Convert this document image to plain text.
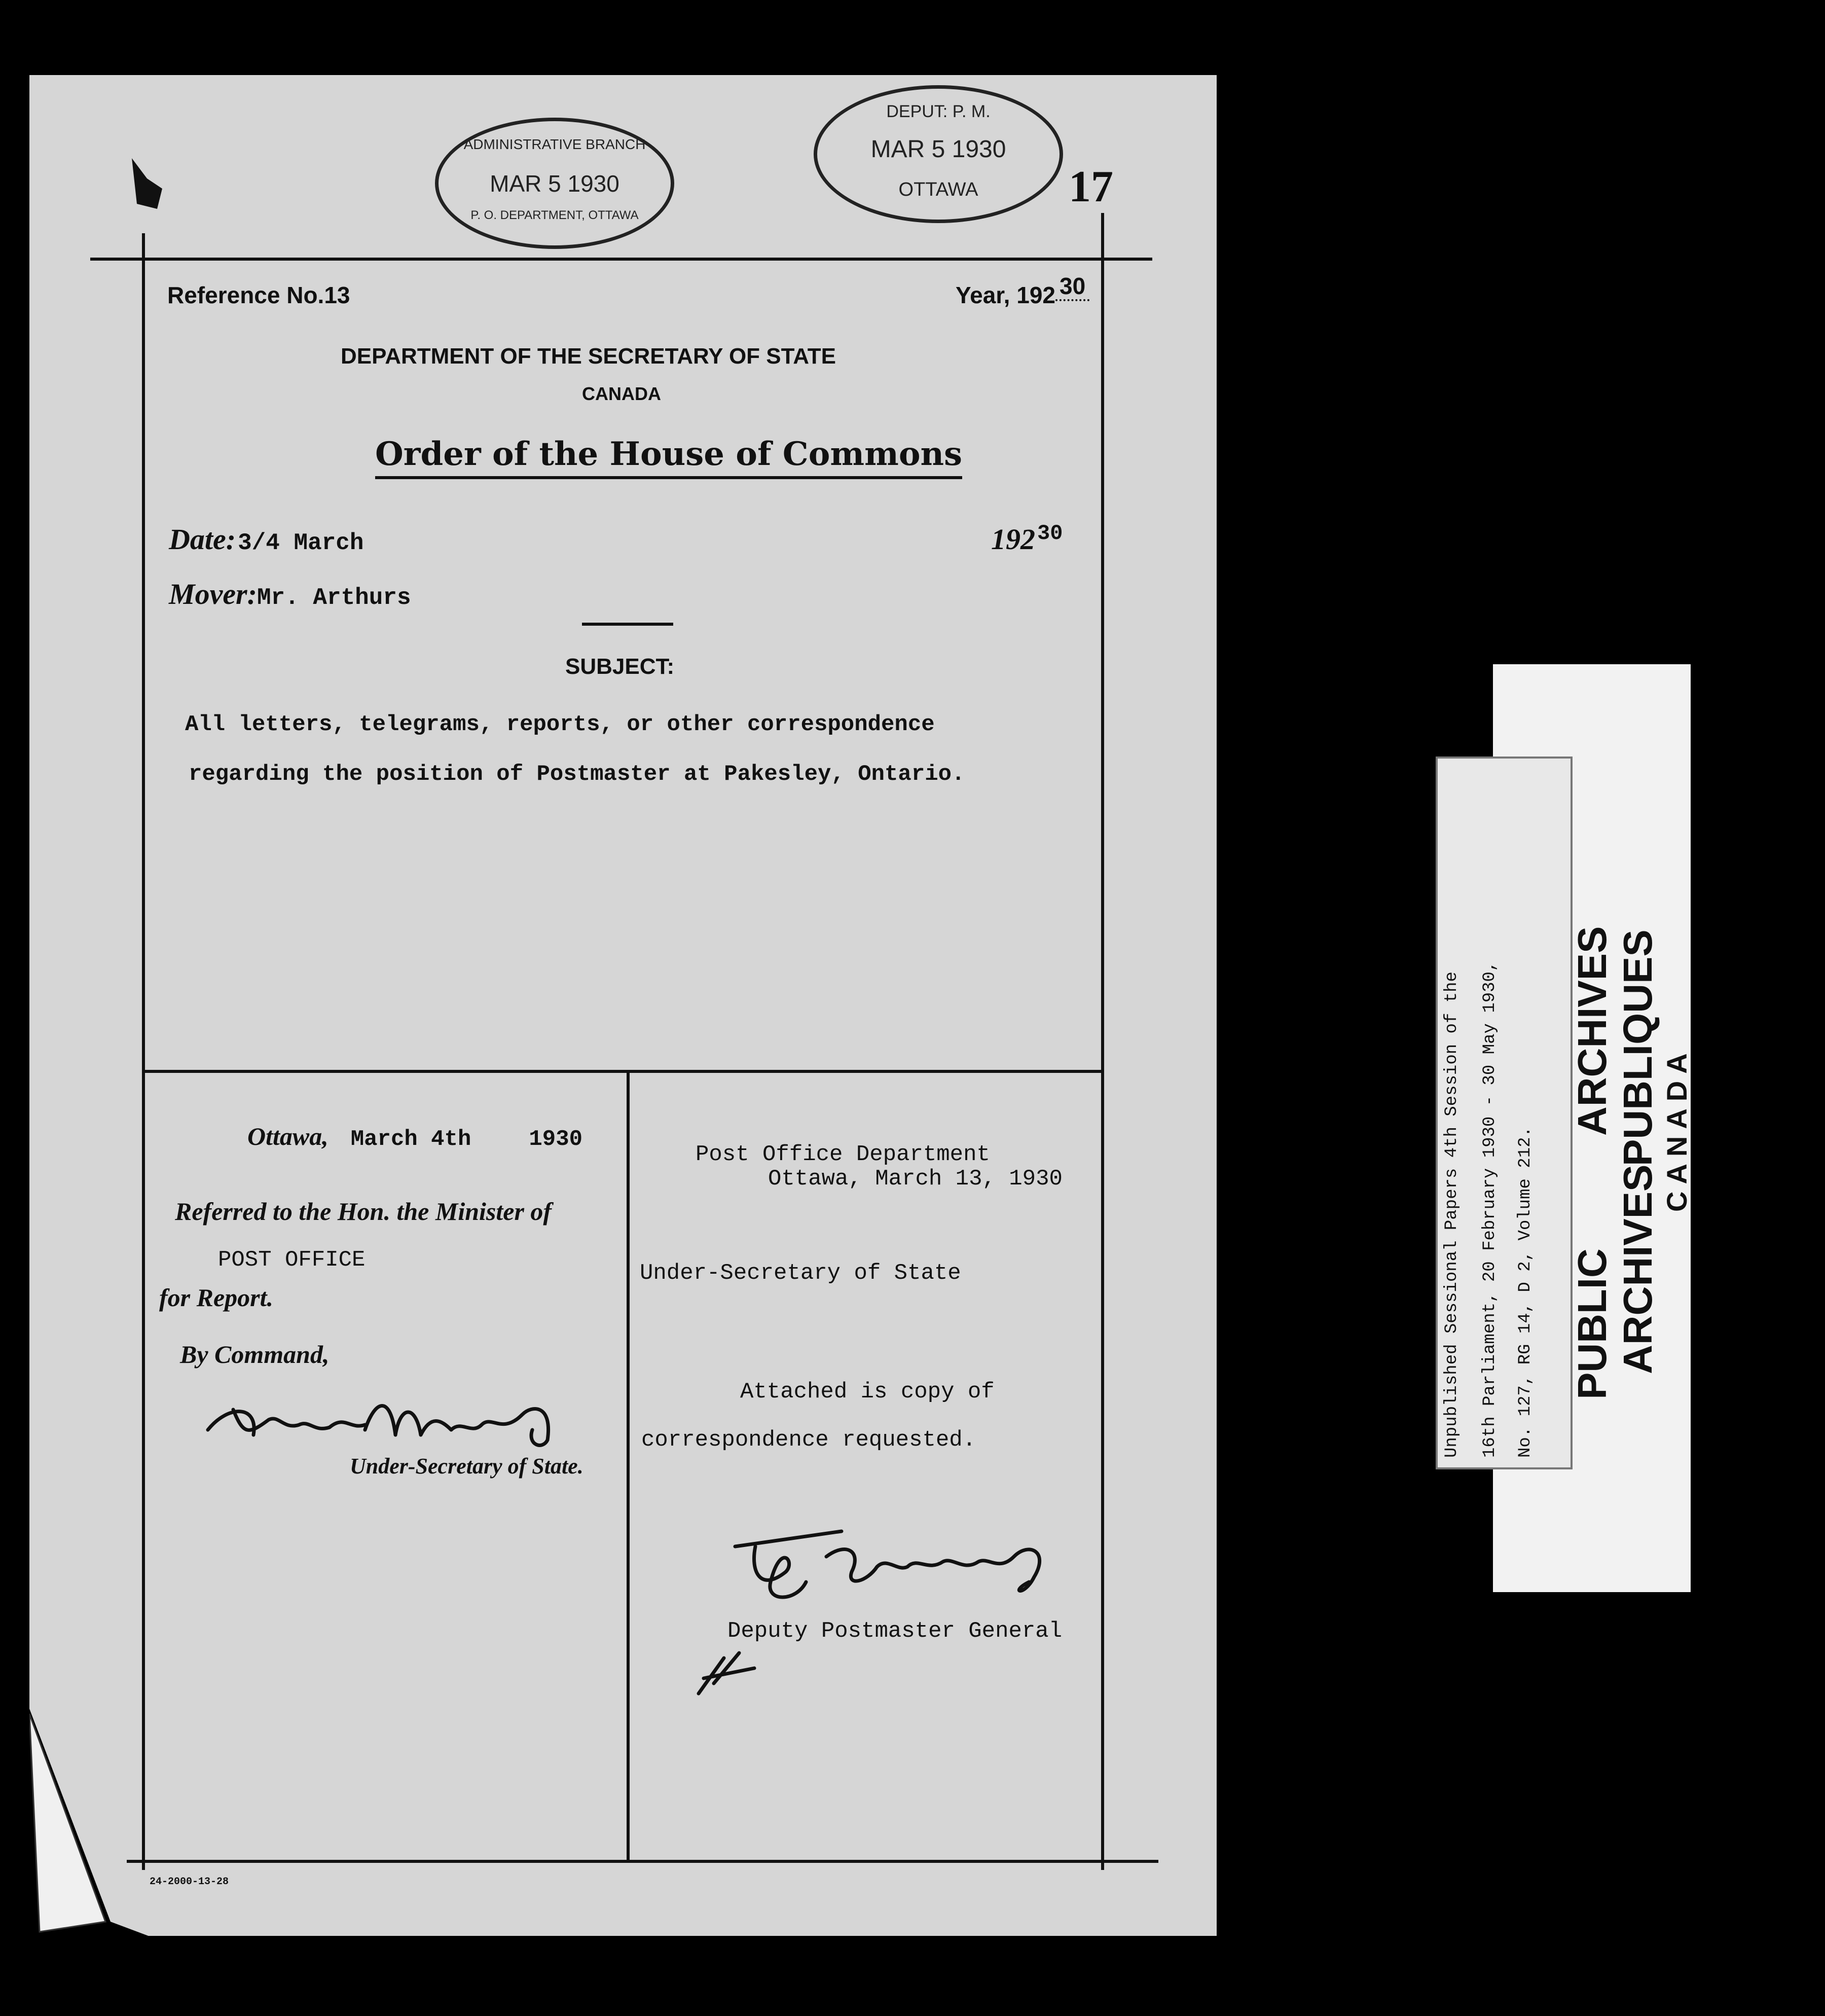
ADMINISTRATIVE BRANCH
MAR 5 1930
P. O. DEPARTMENT, OTTAWA
DEPUT: P. M.
MAR 5 1930
OTTAWA	17
Reference No.13	Year, 192 30
DEPARTMENT OF THE SECRETARY OF STATE
CANADA
Order of the House of Commons
Date: 3/4 March	192 30
Mover:Mr. Arthurs
SUBJECT:
All letters, telegrams, reports, or other correspondence
regarding the position of Postmaster at Pakesley, Ontario.
Ottawa, March 4th	1930
Referred to the Hon. the Minister of
POST OFFICE
for Report.
By Command,
Under-Secretary of State.
Post Office Department
Ottawa, March 13, 1930
Under-Secretary of State
Attached is copy of
correspondence requested.
Deputy Postmaster General
24-2000-13-28
Unpublished Sessional Papers 4th Session of the 16th Parliament, 20 February 1930 - 30 May 1930, No. 127, RG 14, D 2, Volume 212. PUBLIC
ARCHIVES
ARCHIVES
PUBLIQUES CANADA
